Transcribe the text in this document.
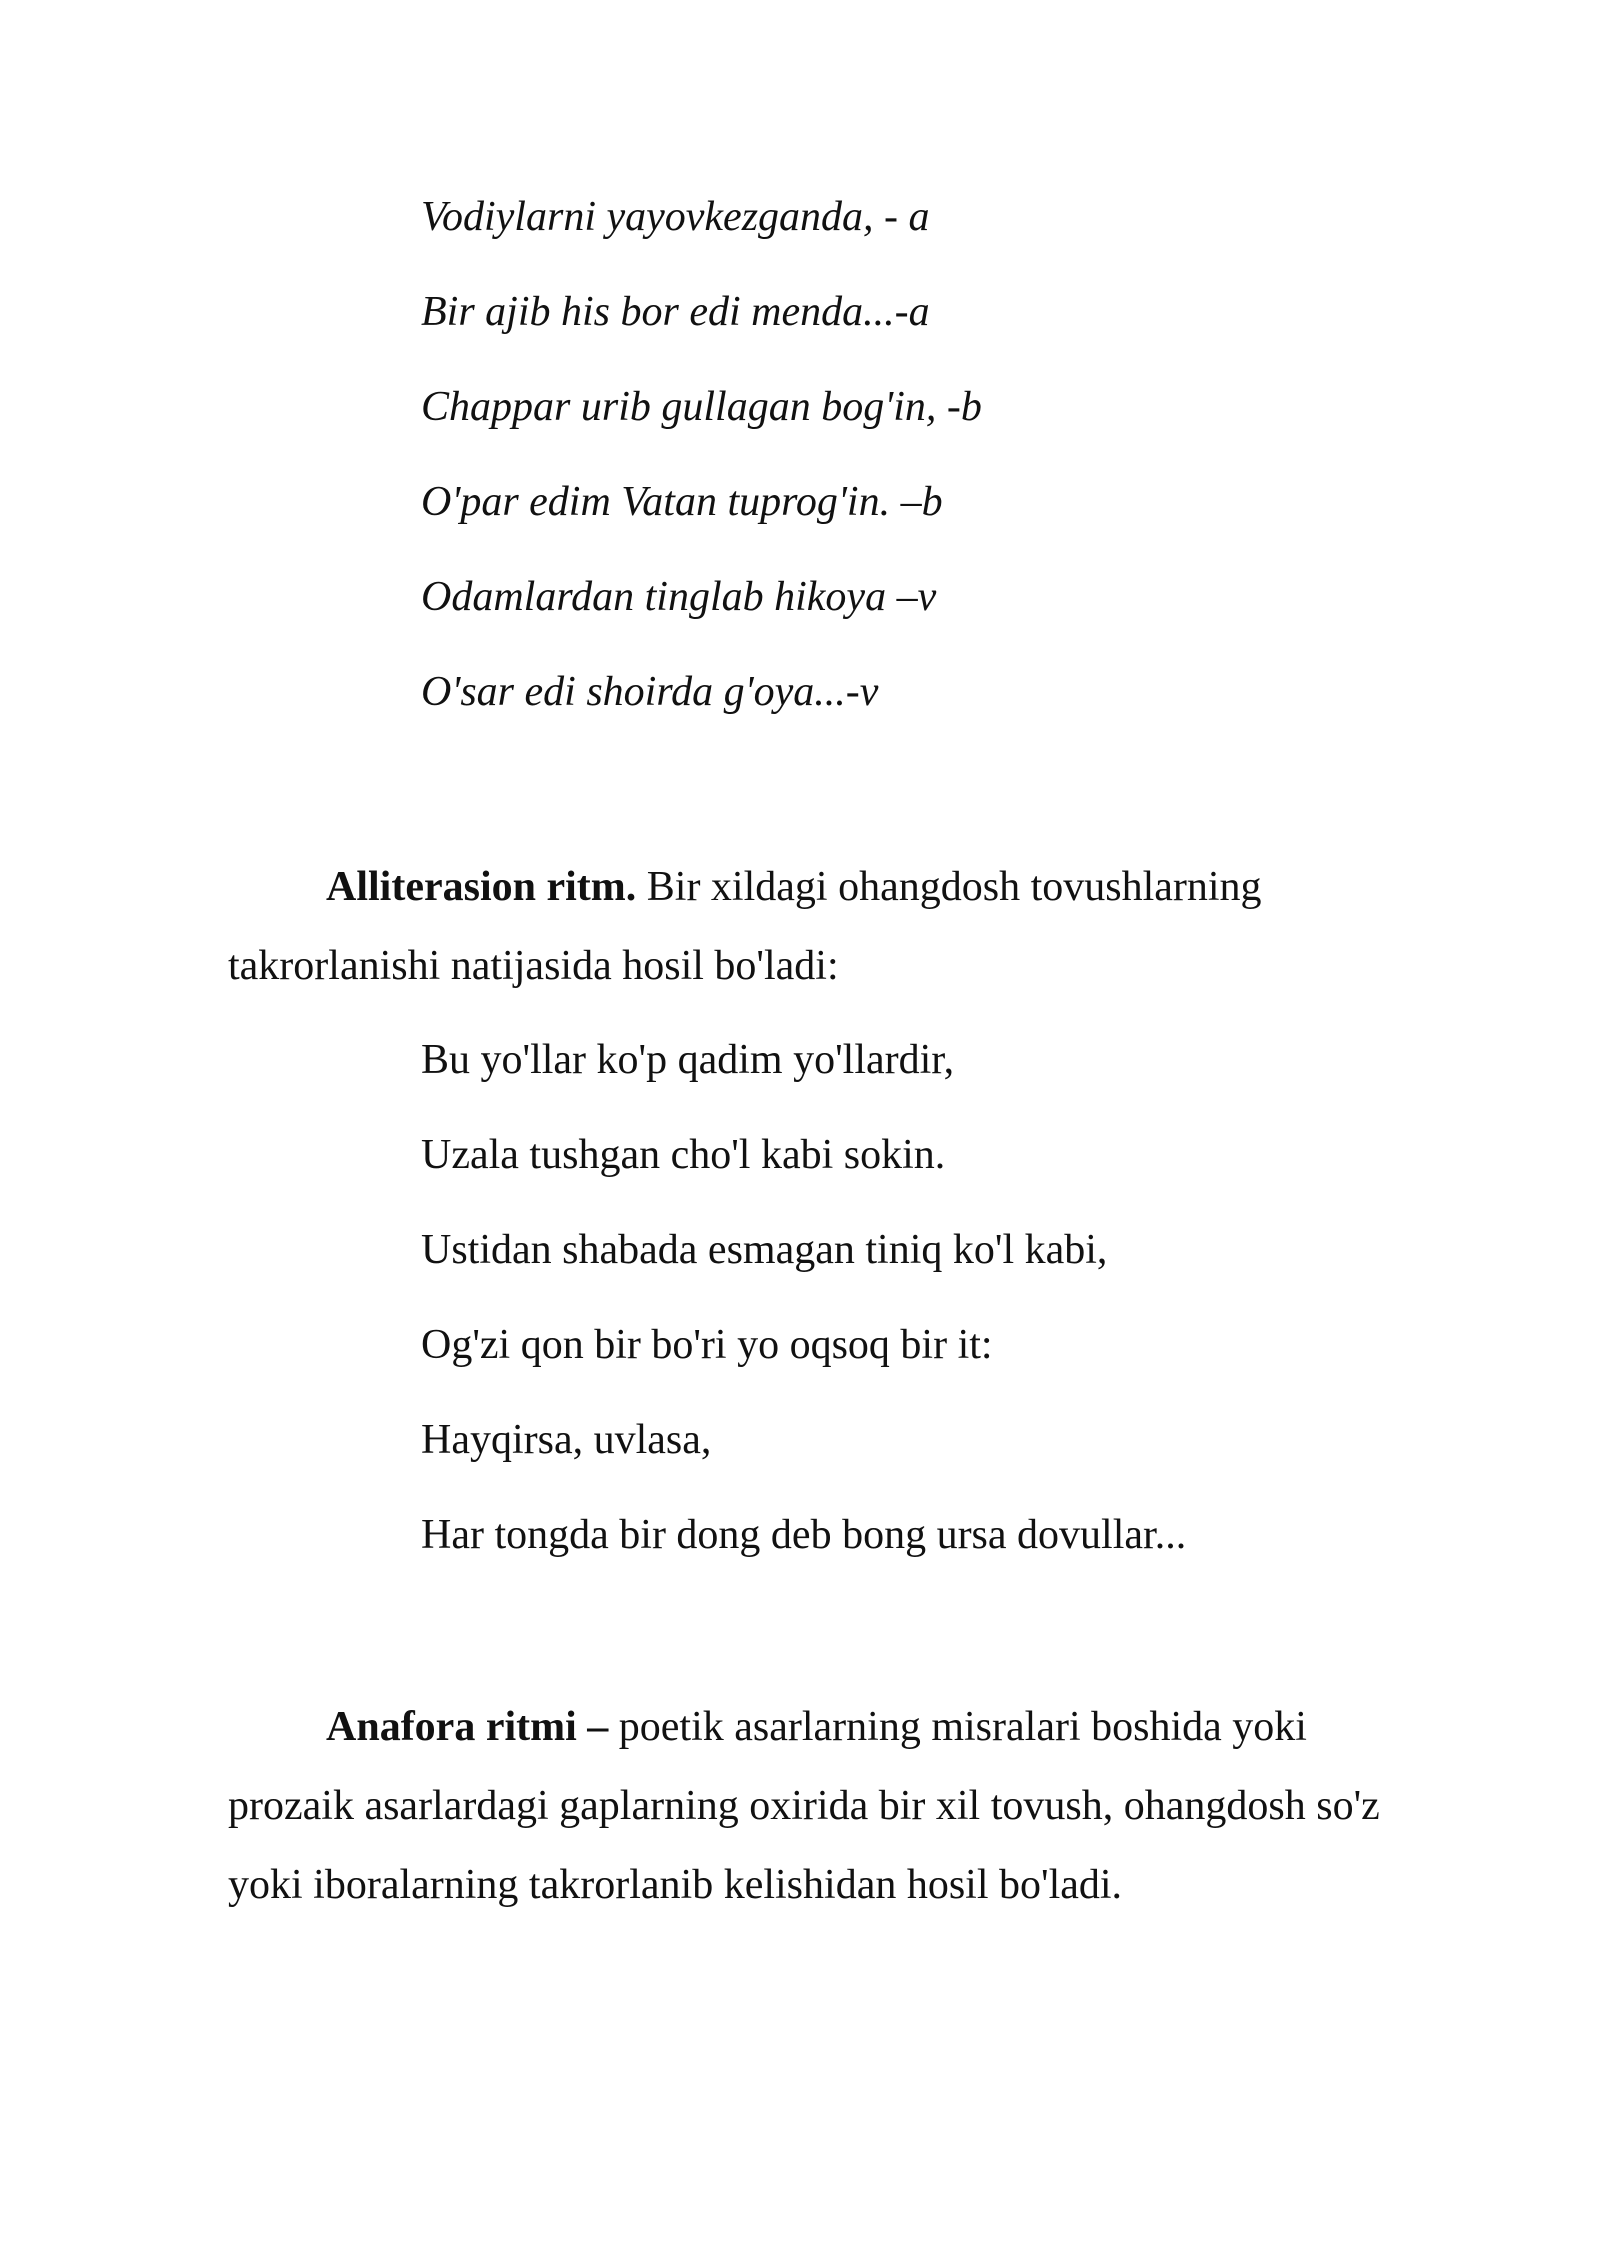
Vodiylarni yayovkezganda, - a
Bir ajib his bor edi menda...-a
Chappar urib gullagan bog'in, -b
O'par edim Vatan tuprog'in. –b
Odamlardan tinglab hikoya –v
O'sar edi shoirda g'oya...-v
Alliterasion ritm. Bir xildagi ohangdosh tovushlarning takrorlanishi natijasida hosil bo'ladi:
Bu yo'llar ko'p qadim yo'llardir,
Uzala tushgan cho'l kabi sokin.
Ustidan shabada esmagan tiniq ko'l kabi,
Og'zi qon bir bo'ri yo oqsoq bir it:
Hayqirsa, uvlasa,
Har tongda bir dong deb bong ursa dovullar...
Anafora ritmi – poetik asarlarning misralari boshida yoki prozaik asarlardagi gaplarning oxirida bir xil tovush, ohangdosh so'z yoki iboralarning takrorlanib kelishidan hosil bo'ladi.
